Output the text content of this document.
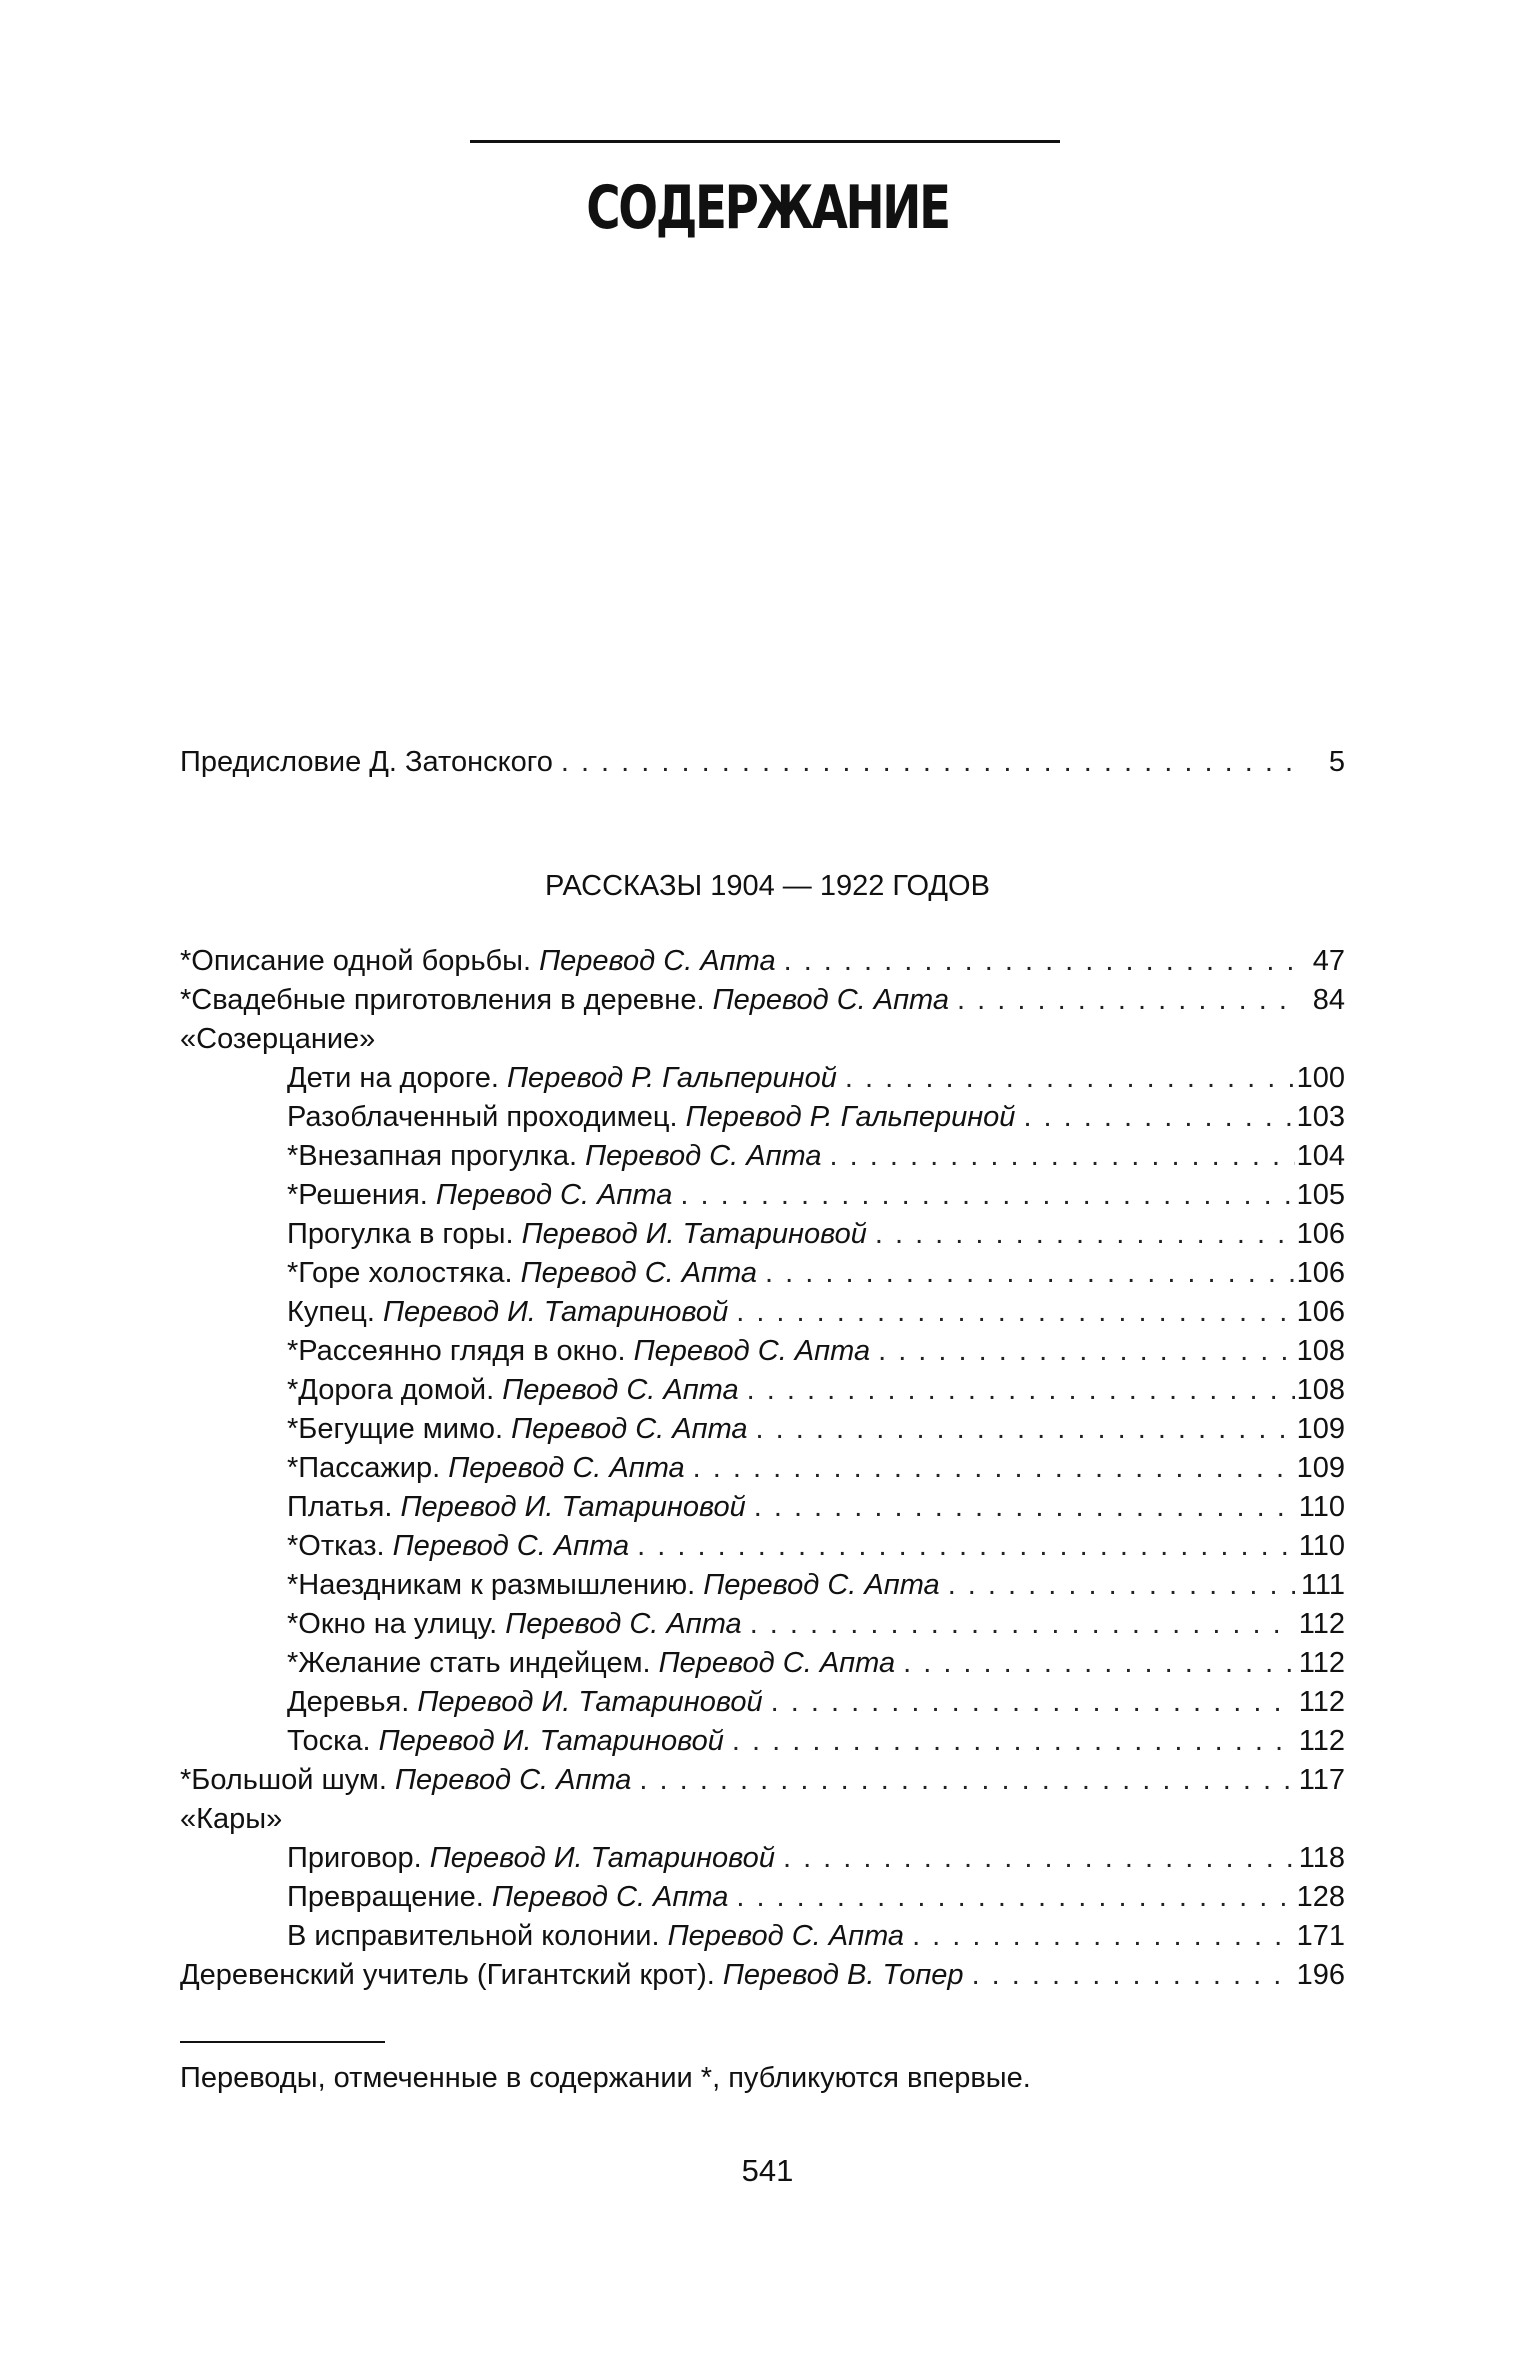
СОДЕРЖАНИЕ
Предисловие Д. Затонского . . .	5
РАССКАЗЫ 1904 — 1922 ГОДОВ
*Описание одной борьбы. Перевод С. Апта . . .	47
*Свадебные приготовления в деревне. Перевод С. Апта . . .	84
«Созерцание»
Дети на дороге. Перевод Р. Гальпериной . . .	100
Разоблаченный проходимец. Перевод Р. Гальпериной . . .	103
*Внезапная прогулка. Перевод С. Апта . . .	104
*Решения. Перевод С. Апта . . .	105
Прогулка в горы. Перевод И. Татариновой . . .	106
*Горе холостяка. Перевод С. Апта . . .	106
Купец. Перевод И. Татариновой . . .	106
*Рассеянно глядя в окно. Перевод С. Апта . . .	108
*Дорога домой. Перевод С. Апта . . .	108
*Бегущие мимо. Перевод С. Апта . . .	109
*Пассажир. Перевод С. Апта . . .	109
Платья. Перевод И. Татариновой . . .	110
*Отказ. Перевод С. Апта . . .	110
*Наездникам к размышлению. Перевод С. Апта . . .	111
*Окно на улицу. Перевод С. Апта . . .	112
*Желание стать индейцем. Перевод С. Апта . . .	112
Деревья. Перевод И. Татариновой . . .	112
Тоска. Перевод И. Татариновой . . .	112
*Большой шум. Перевод С. Апта . . .	117
«Кары»
Приговор. Перевод И. Татариновой . . .	118
Превращение. Перевод С. Апта . . .	128
В исправительной колонии. Перевод С. Апта . . .	171
Деревенский учитель (Гигантский крот). Перевод В. Топер . . .	196
Переводы, отмеченные в содержании *, публикуются впервые.
541
